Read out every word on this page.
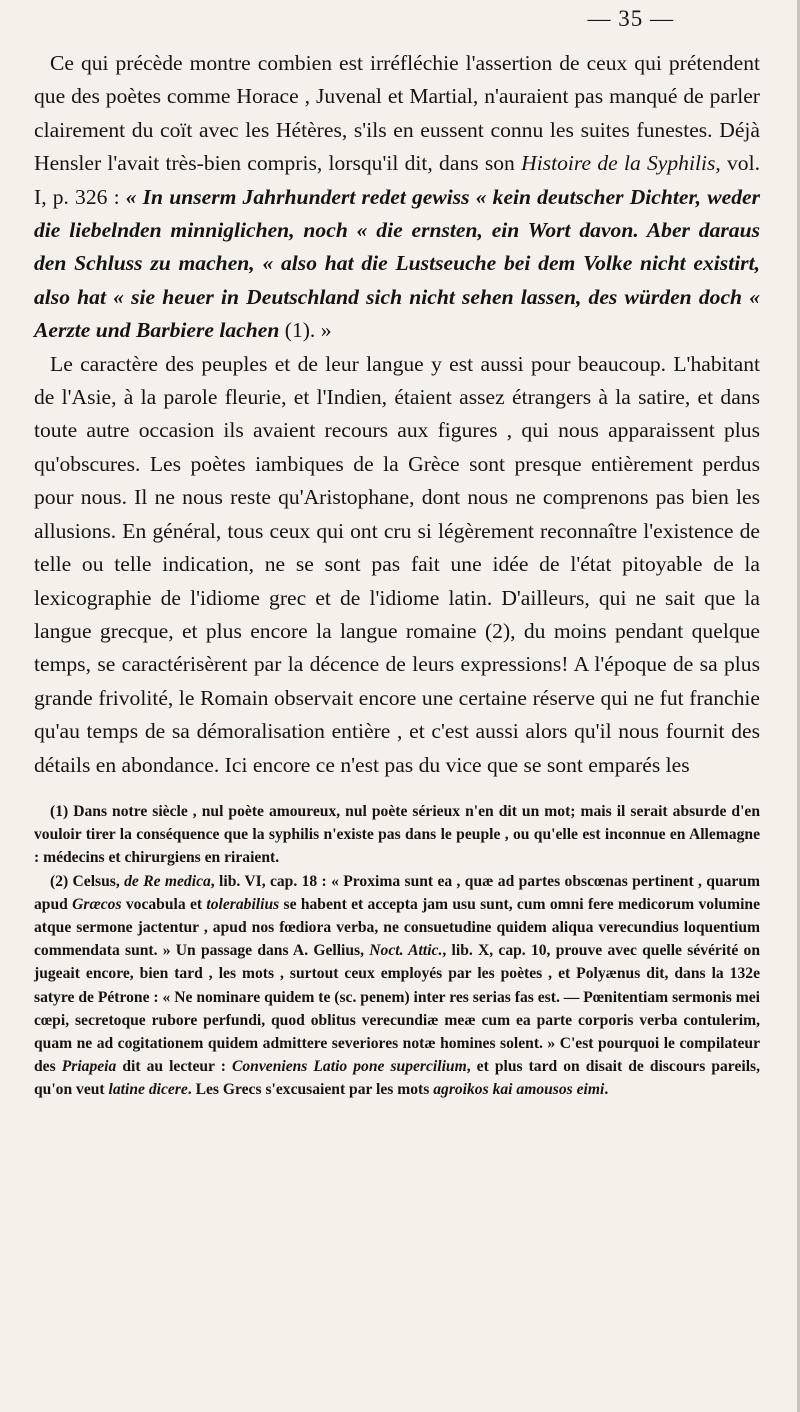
— 35 —

Ce qui précède montre combien est irréfléchie l'assertion de ceux qui prétendent que des poètes comme Horace , Juvenal et Martial, n'auraient pas manqué de parler clairement du coït avec les Hétères, s'ils en eussent connu les suites funestes. Déjà Hensler l'avait très-bien compris, lorsqu'il dit, dans son Histoire de la Syphilis, vol. I, p. 326 : « In unserm Jahrhundert redet gewiss « kein deutscher Dichter, weder die liebelnden minniglichen, noch « die ernsten, ein Wort davon. Aber daraus den Schluss zu machen, « also hat die Lustseuche bei dem Volke nicht existirt, also hat « sie heuer in Deutschland sich nicht sehen lassen, des würden doch « Aerzte und Barbiere lachen (1). »

Le caractère des peuples et de leur langue y est aussi pour beaucoup. L'habitant de l'Asie, à la parole fleurie, et l'Indien, étaient assez étrangers à la satire, et dans toute autre occasion ils avaient recours aux figures , qui nous apparaissent plus qu'obscures. Les poètes iambiques de la Grèce sont presque entièrement perdus pour nous. Il ne nous reste qu'Aristophane, dont nous ne comprenons pas bien les allusions. En général, tous ceux qui ont cru si légèrement reconnaître l'existence de telle ou telle indication, ne se sont pas fait une idée de l'état pitoyable de la lexicographie de l'idiome grec et de l'idiome latin. D'ailleurs, qui ne sait que la langue grecque, et plus encore la langue romaine (2), du moins pendant quelque temps, se caractérisèrent par la décence de leurs expressions! A l'époque de sa plus grande frivolité, le Romain observait encore une certaine réserve qui ne fut franchie qu'au temps de sa démoralisation entière , et c'est aussi alors qu'il nous fournit des détails en abondance. Ici encore ce n'est pas du vice que se sont emparés les

(1) Dans notre siècle , nul poète amoureux, nul poète sérieux n'en dit un mot; mais il serait absurde d'en vouloir tirer la conséquence que la syphilis n'existe pas dans le peuple , ou qu'elle est inconnue en Allemagne : médecins et chirurgiens en riraient.

(2) Celsus, de Re medica, lib. VI, cap. 18 : « Proxima sunt ea , quæ ad partes obscœnas pertinent , quarum apud Græcos vocabula et tolerabilius se habent et accepta jam usu sunt, cum omni fere medicorum volumine atque sermone jactentur , apud nos fœdiora verba, ne consuetudine quidem aliqua verecundius loquentium commendata sunt. » Un passage dans A. Gellius, Noct. Attic., lib. X, cap. 10, prouve avec quelle sévérité on jugeait encore, bien tard , les mots , surtout ceux employés par les poètes , et Polyænus dit, dans la 132e satyre de Pétrone : « Ne nominare quidem te (sc. penem) inter res serias fas est. — Pœnitentiam sermonis mei cœpi, secretoque rubore perfundi, quod oblitus verecundiæ meæ cum ea parte corporis verba contulerim, quam ne ad cogitationem quidem admittere severiores notæ homines solent. » C'est pourquoi le compilateur des Priapeia dit au lecteur : Conveniens Latio pone supercilium, et plus tard on disait de discours pareils, qu'on veut latine dicere. Les Grecs s'excusaient par les mots agroikos kai amousos eimi.
